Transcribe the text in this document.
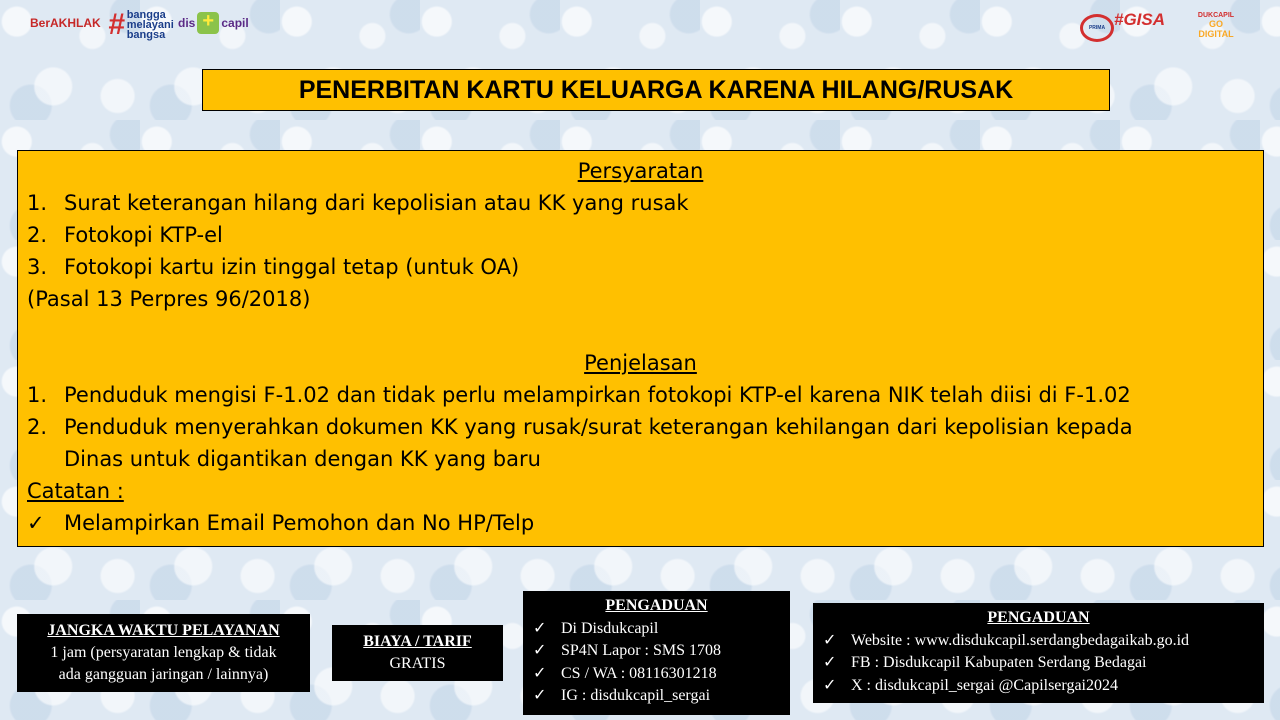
BerAKHLAK # bangga
melayani
bangsa
dis
+ capil	PRIMA #GISA	DUKCAPIL
GO
DIGITAL
PENERBITAN KARTU KELUARGA KARENA HILANG/RUSAK
Persyaratan
1. Surat keterangan hilang dari kepolisian atau KK yang rusak
2. Fotokopi KTP-el
3. Fotokopi kartu izin tinggal tetap (untuk OA)
(Pasal 13 Perpres 96/2018)
Penjelasan
1. Penduduk mengisi F-1.02 dan tidak perlu melampirkan fotokopi KTP-el karena NIK telah diisi di F-1.02
2. Penduduk menyerahkan dokumen KK yang rusak/surat keterangan kehilangan dari kepolisian kepada
Dinas untuk digantikan dengan KK yang baru
Catatan :
✓ Melampirkan Email Pemohon dan No HP/Telp
JANGKA WAKTU PELAYANAN
1 jam (persyaratan lengkap & tidak
ada gangguan jaringan / lainnya)
BIAYA / TARIF
GRATIS
PENGADUAN
✓ Di Disdukcapil
✓ SP4N Lapor : SMS 1708
✓ CS / WA : 08116301218
✓ IG : disdukcapil_sergai
PENGADUAN
✓ Website : www.disdukcapil.serdangbedagaikab.go.id
✓ FB : Disdukcapil Kabupaten Serdang Bedagai
✓ X : disdukcapil_sergai @Capilsergai2024
